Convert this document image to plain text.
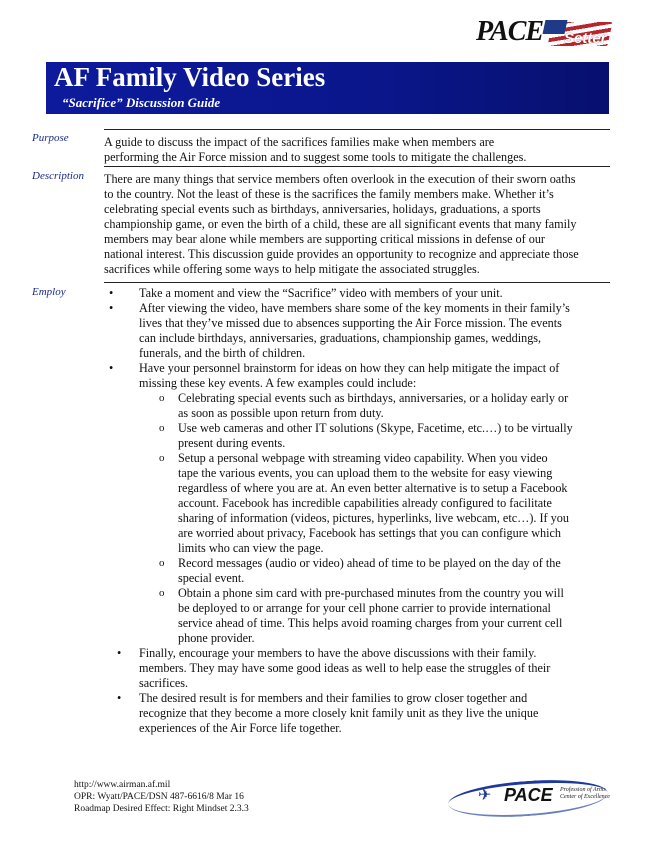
PACE Setter
AF Family Video Series
“Sacrifice” Discussion Guide
Purpose	A guide to discuss the impact of the sacrifices families make when members are
performing the Air Force mission and to suggest some tools to mitigate the challenges.

Description There are many things that service members often overlook in the execution of their sworn oaths
to the country. Not the least of these is the sacrifices the family members make. Whether it’s
celebrating special events such as birthdays, anniversaries, holidays, graduations, a sports
championship game, or even the birth of a child, these are all significant events that many family
members may bear alone while members are supporting critical missions in defense of our
national interest. This discussion guide provides an opportunity to recognize and appreciate those
sacrifices while offering some ways to help mitigate the associated struggles.

Employ	• Take a moment and view the “Sacrifice” video with members of your unit.
• After viewing the video, have members share some of the key moments in their family’s
lives that they’ve missed due to absences supporting the Air Force mission. The events
can include birthdays, anniversaries, graduations, championship games, weddings,
funerals, and the birth of children.
• Have your personnel brainstorm for ideas on how they can help mitigate the impact of
missing these key events. A few examples could include:
o Celebrating special events such as birthdays, anniversaries, or a holiday early or
as soon as possible upon return from duty.
o Use web cameras and other IT solutions (Skype, Facetime, etc.…) to be virtually
present during events.
o Setup a personal webpage with streaming video capability. When you video
tape the various events, you can upload them to the website for easy viewing
regardless of where you are at. An even better alternative is to setup a Facebook
account. Facebook has incredible capabilities already configured to facilitate
sharing of information (videos, pictures, hyperlinks, live webcam, etc…). If you
are worried about privacy, Facebook has settings that you can configure which
limits who can view the page.
o Record messages (audio or video) ahead of time to be played on the day of the
special event.
o Obtain a phone sim card with pre-purchased minutes from the country you will
be deployed to or arrange for your cell phone carrier to provide international
service ahead of time. This helps avoid roaming charges from your current cell
phone provider.
• Finally, encourage your members to have the above discussions with their family.
members. They may have some good ideas as well to help ease the struggles of their
sacrifices.
• The desired result is for members and their families to grow closer together and
recognize that they become a more closely knit family unit as they live the unique
experiences of the Air Force life together.
http://www.airman.af.mil
OPR: Wyatt/PACE/DSN 487-6616/8 Mar 16
Roadmap Desired Effect: Right Mindset 2.3.3
✈ PACE Profession of Arms Center of Excellence
